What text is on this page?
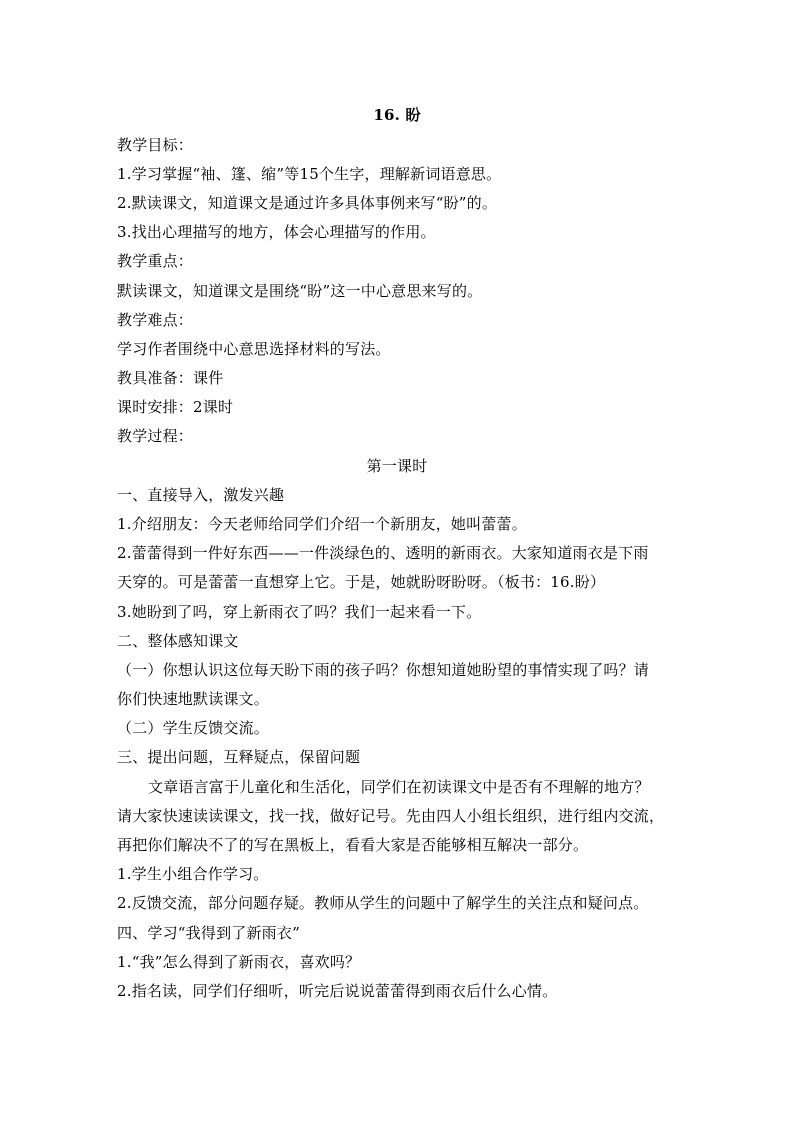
16. 盼
教学目标：
1.学习掌握“袖、篷、缩”等15个生字，理解新词语意思。
2.默读课文，知道课文是通过许多具体事例来写“盼”的。
3.找出心理描写的地方，体会心理描写的作用。
教学重点：
默读课文，知道课文是围绕“盼”这一中心意思来写的。
教学难点：
学习作者围绕中心意思选择材料的写法。
教具准备：课件
课时安排：2课时
教学过程：
第一课时
一、直接导入，激发兴趣
1.介绍朋友：今天老师给同学们介绍一个新朋友，她叫蕾蕾。
2.蕾蕾得到一件好东西——一件淡绿色的、透明的新雨衣。大家知道雨衣是下雨
天穿的。可是蕾蕾一直想穿上它。于是，她就盼呀盼呀。（板书：16.盼）
3.她盼到了吗，穿上新雨衣了吗？我们一起来看一下。
二、整体感知课文
（一）你想认识这位每天盼下雨的孩子吗？你想知道她盼望的事情实现了吗？请
你们快速地默读课文。
（二）学生反馈交流。
三、提出问题，互释疑点，保留问题
文章语言富于儿童化和生活化，同学们在初读课文中是否有不理解的地方？
请大家快速读读课文，找一找，做好记号。先由四人小组长组织，进行组内交流，
再把你们解决不了的写在黑板上，看看大家是否能够相互解决一部分。
1.学生小组合作学习。
2.反馈交流，部分问题存疑。教师从学生的问题中了解学生的关注点和疑问点。
四、学习“我得到了新雨衣”
1.“我”怎么得到了新雨衣，喜欢吗？
2.指名读，同学们仔细听，听完后说说蕾蕾得到雨衣后什么心情。
